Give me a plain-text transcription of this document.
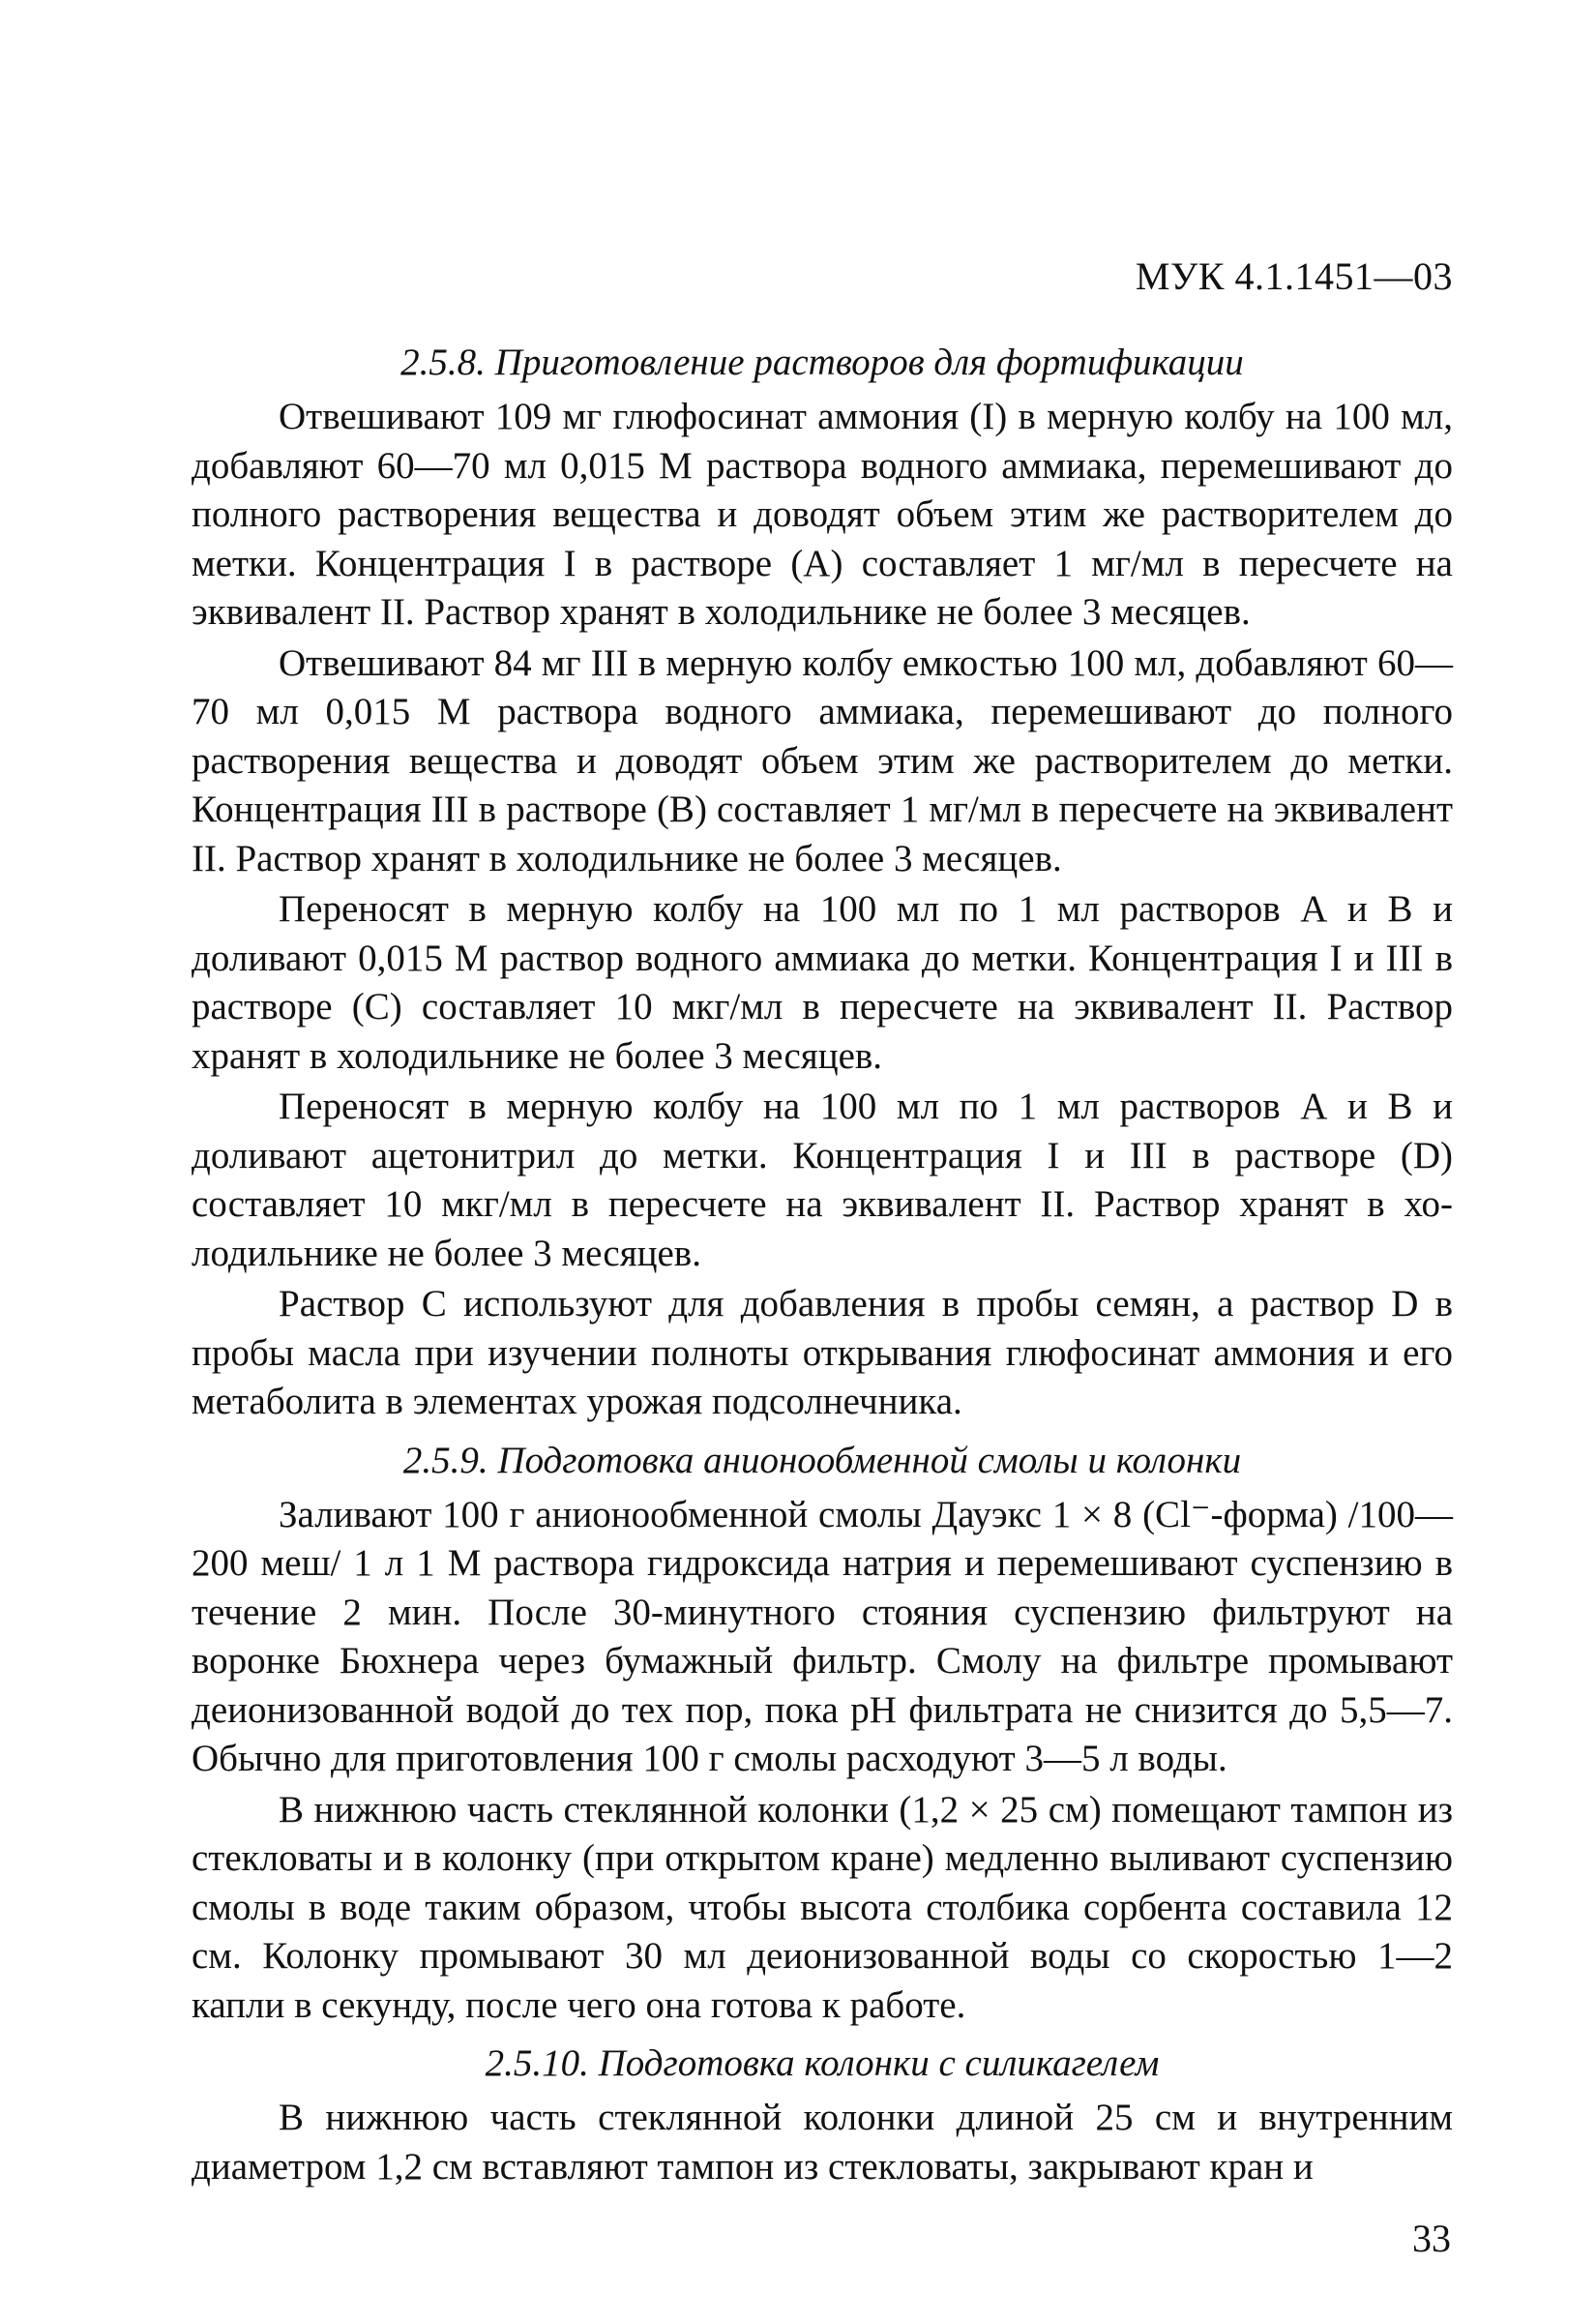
МУК 4.1.1451—03
2.5.8. Приготовление растворов для фортификации

Отвешивают 109 мг глюфосинат аммония (I) в мерную колбу на 100 мл, добавляют 60—70 мл 0,015 М раствора водного аммиака, перемешивают до полного растворения вещества и доводят объем этим же растворителем до метки. Концентрация I в растворе (А) составляет 1 мг/мл в пересчете на эквивалент II. Раствор хранят в холодильнике не более 3 месяцев.

Отвешивают 84 мг III в мерную колбу емкостью 100 мл, добавляют 60—70 мл 0,015 М раствора водного аммиака, перемешивают до полного растворения вещества и доводят объем этим же растворителем до метки. Концентрация III в растворе (В) составляет 1 мг/мл в пересчете на эквивалент II. Раствор хранят в холодильнике не более 3 месяцев.

Переносят в мерную колбу на 100 мл по 1 мл растворов А и В и доливают 0,015 М раствор водного аммиака до метки. Концентрация I и III в растворе (С) составляет 10 мкг/мл в пересчете на эквивалент II. Раствор хранят в холодильнике не более 3 месяцев.

Переносят в мерную колбу на 100 мл по 1 мл растворов А и В и доливают ацетонитрил до метки. Концентрация I и III в растворе (D) составляет 10 мкг/мл в пересчете на эквивалент II. Раствор хранят в холодильнике не более 3 месяцев.

Раствор С используют для добавления в пробы семян, а раствор D в пробы масла при изучении полноты открывания глюфосинат аммония и его метаболита в элементах урожая подсолнечника.

2.5.9. Подготовка анионообменной смолы и колонки

Заливают 100 г анионообменной смолы Дауэкс 1 × 8 (Cl⁻-форма) /100—200 меш/ 1 л 1 М раствора гидроксида натрия и перемешивают суспензию в течение 2 мин. После 30-минутного стояния суспензию фильтруют на воронке Бюхнера через бумажный фильтр. Смолу на фильтре промывают деионизованной водой до тех пор, пока pH фильтрата не снизится до 5,5—7. Обычно для приготовления 100 г смолы расходуют 3—5 л воды.

В нижнюю часть стеклянной колонки (1,2 × 25 см) помещают тампон из стекловаты и в колонку (при открытом кране) медленно выливают суспензию смолы в воде таким образом, чтобы высота столбика сорбента составила 12 см. Колонку промывают 30 мл деионизованной воды со скоростью 1—2 капли в секунду, после чего она готова к работе.

2.5.10. Подготовка колонки с силикагелем

В нижнюю часть стеклянной колонки длиной 25 см и внутренним диаметром 1,2 см вставляют тампон из стекловаты, закрывают кран и

33
